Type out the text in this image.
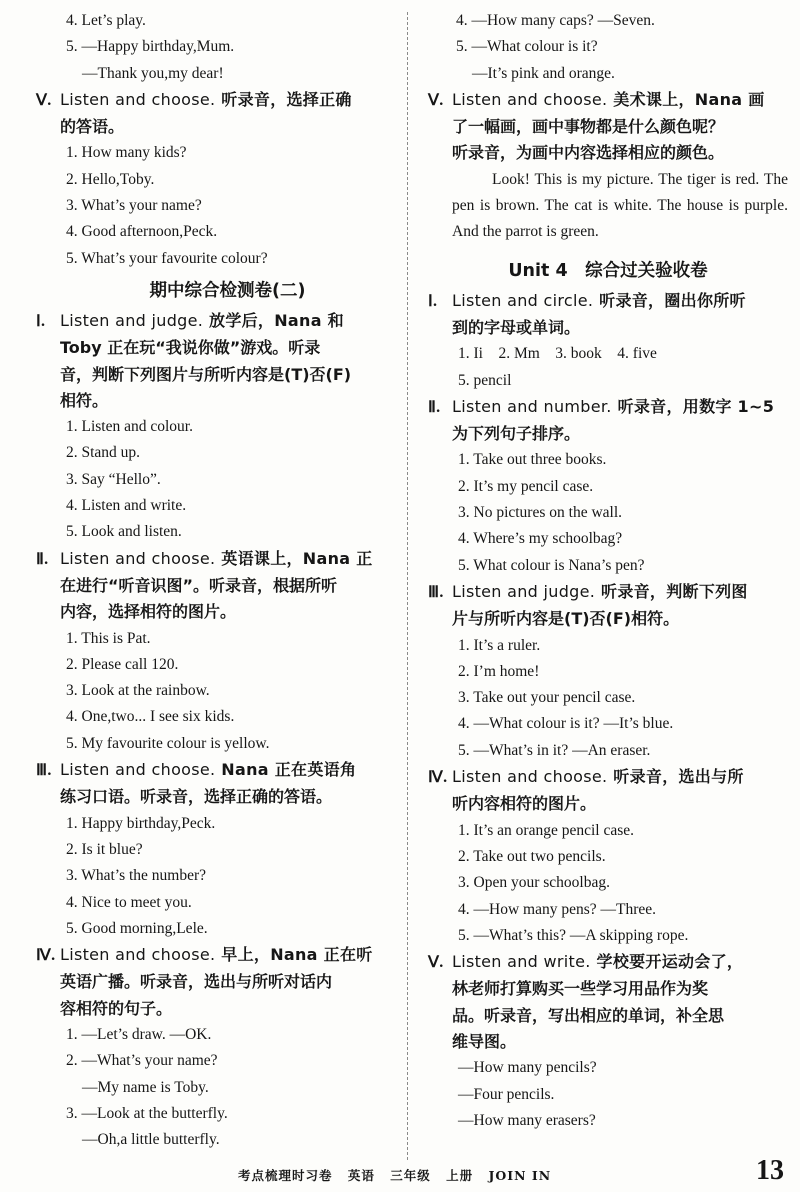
4. Let’s play.
5. —Happy birthday,Mum.
—Thank you,my dear!
Ⅴ. Listen and choose. 听录音，选择正确
的答语。
1. How many kids?
2. Hello,Toby.
3. What’s your name?
4. Good afternoon,Peck.
5. What’s your favourite colour?
期中综合检测卷(二)
Ⅰ. Listen and judge. 放学后，Nana 和
Toby 正在玩“我说你做”游戏。听录
音，判断下列图片与所听内容是(T)否(F)
相符。
1. Listen and colour.
2. Stand up.
3. Say “Hello”.
4. Listen and write.
5. Look and listen.
Ⅱ. Listen and choose. 英语课上，Nana 正
在进行“听音识图”。听录音，根据所听
内容，选择相符的图片。
1. This is Pat.
2. Please call 120.
3. Look at the rainbow.
4. One,two... I see six kids.
5. My favourite colour is yellow.
Ⅲ. Listen and choose. Nana 正在英语角
练习口语。听录音，选择正确的答语。
1. Happy birthday,Peck.
2. Is it blue?
3. What’s the number?
4. Nice to meet you.
5. Good morning,Lele.
Ⅳ. Listen and choose. 早上，Nana 正在听
英语广播。听录音，选出与所听对话内
容相符的句子。
1. —Let’s draw. —OK.
2. —What’s your name?
—My name is Toby.
3. —Look at the butterfly.
—Oh,a little butterfly.
4. —How many caps? —Seven.
5. —What colour is it?
—It’s pink and orange.
Ⅴ. Listen and choose. 美术课上，Nana 画
了一幅画，画中事物都是什么颜色呢？
听录音，为画中内容选择相应的颜色。
Look! This is my picture. The tiger is red. The pen is brown. The cat is white. The house is purple. And the parrot is green.
Unit 4　综合过关验收卷
Ⅰ. Listen and circle. 听录音，圈出你所听
到的字母或单词。
1. Ii　2. Mm　3. book　4. five
5. pencil
Ⅱ. Listen and number. 听录音，用数字 1~5
为下列句子排序。
1. Take out three books.
2. It’s my pencil case.
3. No pictures on the wall.
4. Where’s my schoolbag?
5. What colour is Nana’s pen?
Ⅲ. Listen and judge. 听录音，判断下列图
片与所听内容是(T)否(F)相符。
1. It’s a ruler.
2. I’m home!
3. Take out your pencil case.
4. —What colour is it? —It’s blue.
5. —What’s in it? —An eraser.
Ⅳ. Listen and choose. 听录音，选出与所
听内容相符的图片。
1. It’s an orange pencil case.
2. Take out two pencils.
3. Open your schoolbag.
4. —How many pens? —Three.
5. —What’s this? —A skipping rope.
Ⅴ. Listen and write. 学校要开运动会了，
林老师打算购买一些学习用品作为奖
品。听录音，写出相应的单词，补全思
维导图。
—How many pencils?
—Four pencils.
—How many erasers?
考点梳理时习卷 英语 三年级 上册 JOIN IN	13
